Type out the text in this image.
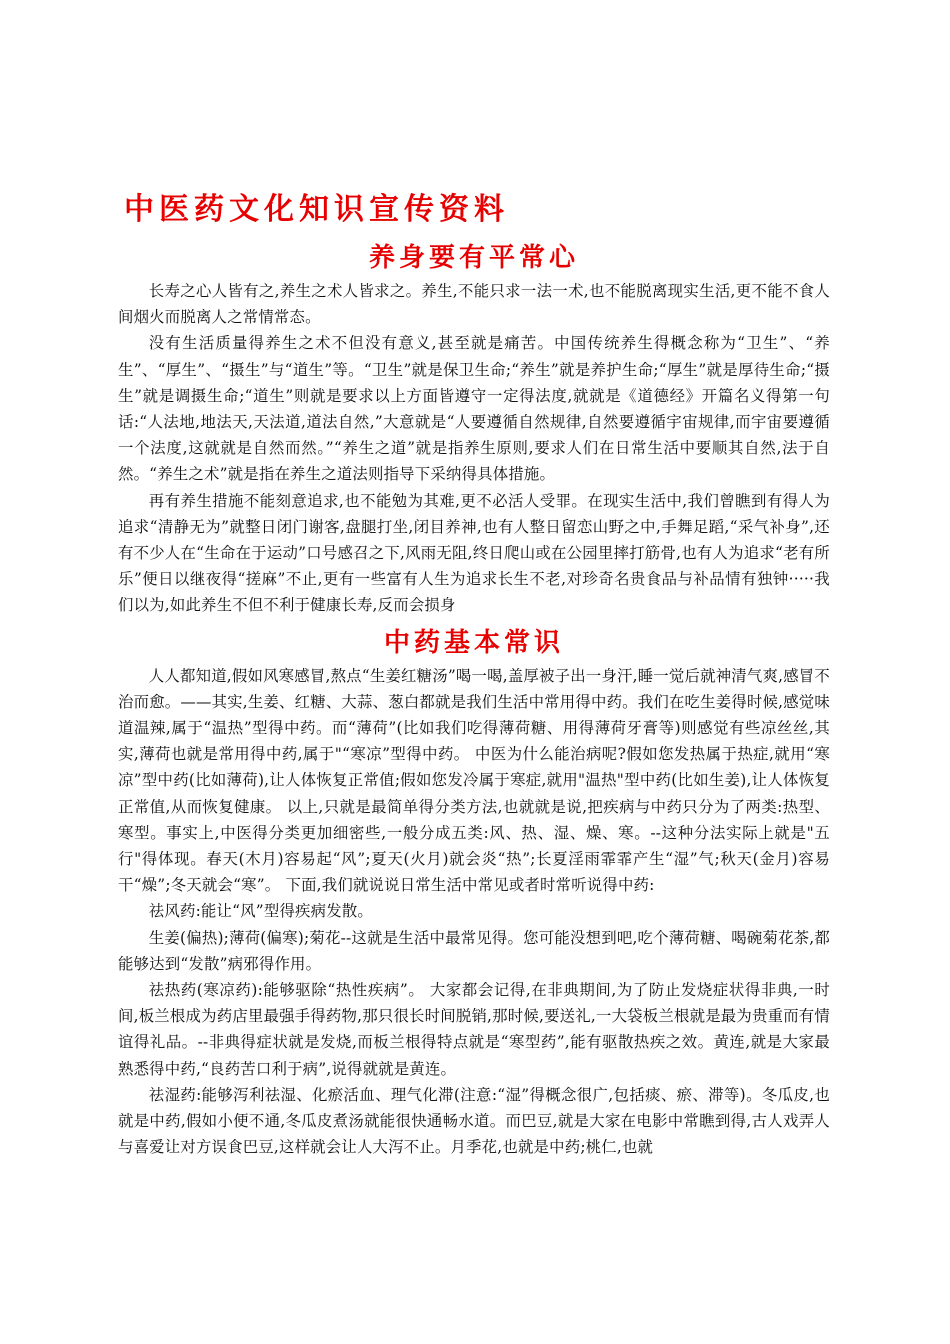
中医药文化知识宣传资料
养身要有平常心

长寿之心人皆有之,养生之术人皆求之。养生,不能只求一法一术,也不能脱离现实生活,更不能不食人间烟火而脱离人之常情常态。

没有生活质量得养生之术不但没有意义,甚至就是痛苦。中国传统养生得概念称为“卫生”、“养生”、“厚生”、“摄生”与“道生”等。“卫生”就是保卫生命;“养生”就是养护生命;“厚生”就是厚待生命;“摄生”就是调摄生命;“道生”则就是要求以上方面皆遵守一定得法度,就就是《道德经》开篇名义得第一句话:“人法地,地法天,天法道,道法自然,”大意就是“人要遵循自然规律,自然要遵循宇宙规律,而宇宙要遵循一个法度,这就就是自然而然。”“养生之道”就是指养生原则,要求人们在日常生活中要顺其自然,法于自然。“养生之术”就是指在养生之道法则指导下采纳得具体措施。

再有养生措施不能刻意追求,也不能勉为其难,更不必活人受罪。在现实生活中,我们曾瞧到有得人为追求“清静无为”就整日闭门谢客,盘腿打坐,闭目养神,也有人整日留恋山野之中,手舞足蹈,“采气补身”,还有不少人在“生命在于运动”口号感召之下,风雨无阻,终日爬山或在公园里摔打筋骨,也有人为追求“老有所乐”便日以继夜得“搓麻”不止,更有一些富有人生为追求长生不老,对珍奇名贵食品与补品情有独钟·····我们以为,如此养生不但不利于健康长寿,反而会损身

中药基本常识

人人都知道,假如风寒感冒,熬点“生姜红糖汤”喝一喝,盖厚被子出一身汗,睡一觉后就神清气爽,感冒不治而愈。——其实,生姜、红糖、大蒜、葱白都就是我们生活中常用得中药。我们在吃生姜得时候,感觉味道温辣,属于“温热”型得中药。而“薄荷”(比如我们吃得薄荷糖、用得薄荷牙膏等)则感觉有些凉丝丝,其实,薄荷也就是常用得中药,属于"“寒凉”型得中药。 中医为什么能治病呢?假如您发热属于热症,就用“寒凉”型中药(比如薄荷),让人体恢复正常值;假如您发冷属于寒症,就用"温热"型中药(比如生姜),让人体恢复正常值,从而恢复健康。 以上,只就是最简单得分类方法,也就就是说,把疾病与中药只分为了两类:热型、寒型。事实上,中医得分类更加细密些,一般分成五类:风、热、湿、燥、寒。--这种分法实际上就是"五行"得体现。春天(木月)容易起“风”;夏天(火月)就会炎“热”;长夏淫雨霏霏产生“湿”气;秋天(金月)容易干“燥”;冬天就会“寒”。 下面,我们就说说日常生活中常见或者时常听说得中药:

祛风药:能让“风”型得疾病发散。

生姜(偏热);薄荷(偏寒);菊花--这就是生活中最常见得。您可能没想到吧,吃个薄荷糖、喝碗菊花茶,都能够达到“发散”病邪得作用。

祛热药(寒凉药):能够驱除“热性疾病”。 大家都会记得,在非典期间,为了防止发烧症状得非典,一时间,板兰根成为药店里最强手得药物,那只很长时间脱销,那时候,要送礼,一大袋板兰根就是最为贵重而有情谊得礼品。--非典得症状就是发烧,而板兰根得特点就是“寒型药”,能有驱散热疾之效。黄连,就是大家最熟悉得中药,“良药苦口利于病”,说得就就是黄连。

祛湿药:能够泻利祛湿、化瘀活血、理气化滞(注意:“湿”得概念很广,包括痰、瘀、滞等)。冬瓜皮,也就是中药,假如小便不通,冬瓜皮煮汤就能很快通畅水道。而巴豆,就是大家在电影中常瞧到得,古人戏弄人与喜爱让对方误食巴豆,这样就会让人大泻不止。月季花,也就是中药;桃仁,也就
